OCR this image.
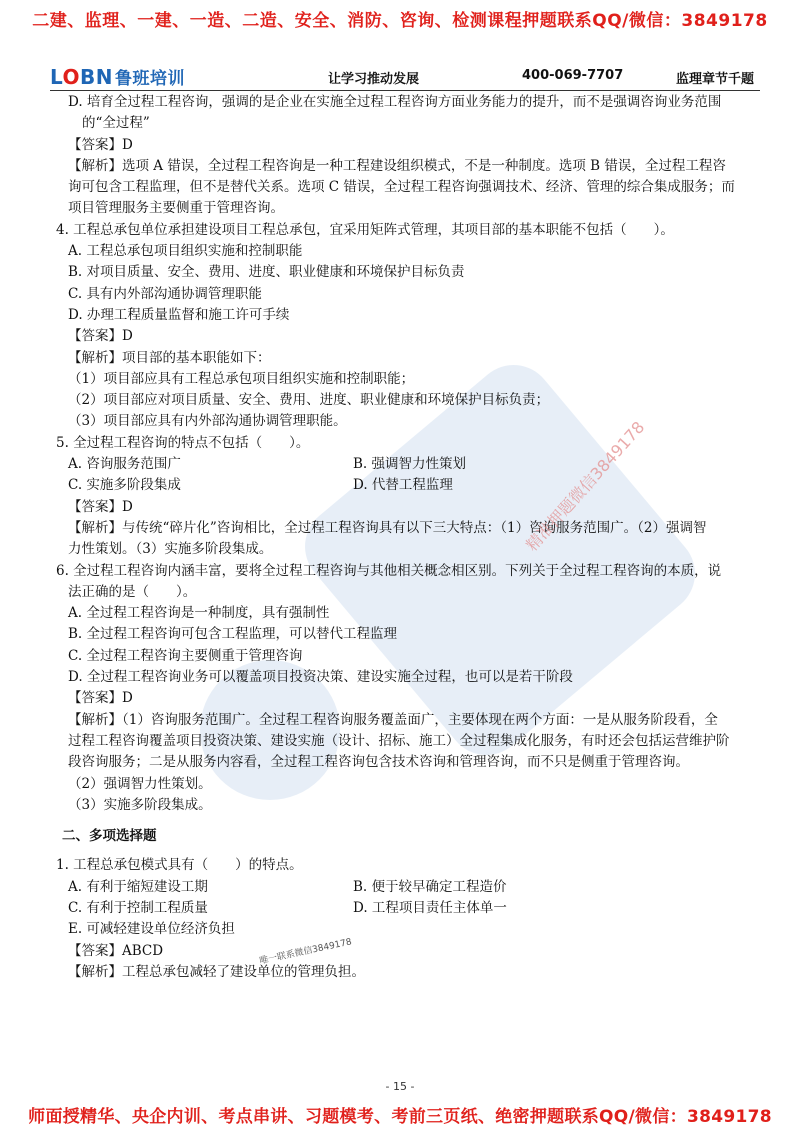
二建、监理、一建、一造、二造、安全、消防、咨询、检测课程押题联系QQ/微信：3849178
LOBN 鲁班培训	让学习推动发展	400-069-7707	监理章节千题
D. 培育全过程工程咨询，强调的是企业在实施全过程工程咨询方面业务能力的提升，而不是强调咨询业务范围
的“全过程”
【答案】D
【解析】选项 A 错误，全过程工程咨询是一种工程建设组织模式，不是一种制度。选项 B 错误，全过程工程咨
询可包含工程监理，但不是替代关系。选项 C 错误，全过程工程咨询强调技术、经济、管理的综合集成服务；而
项目管理服务主要侧重于管理咨询。
4. 工程总承包单位承担建设项目工程总承包，宜采用矩阵式管理，其项目部的基本职能不包括（　　）。
A. 工程总承包项目组织实施和控制职能
B. 对项目质量、安全、费用、进度、职业健康和环境保护目标负责
C. 具有内外部沟通协调管理职能
D. 办理工程质量监督和施工许可手续
【答案】D
【解析】项目部的基本职能如下：
（1）项目部应具有工程总承包项目组织实施和控制职能；
（2）项目部应对项目质量、安全、费用、进度、职业健康和环境保护目标负责；
（3）项目部应具有内外部沟通协调管理职能。
5. 全过程工程咨询的特点不包括（　　）。
A. 咨询服务范围广	B. 强调智力性策划
C. 实施多阶段集成	D. 代替工程监理
【答案】D
【解析】与传统“碎片化”咨询相比，全过程工程咨询具有以下三大特点：（1）咨询服务范围广。（2）强调智
力性策划。（3）实施多阶段集成。
6. 全过程工程咨询内涵丰富，要将全过程工程咨询与其他相关概念相区别。下列关于全过程工程咨询的本质，说
法正确的是（　　）。
A. 全过程工程咨询是一种制度，具有强制性
B. 全过程工程咨询可包含工程监理，可以替代工程监理
C. 全过程工程咨询主要侧重于管理咨询
D. 全过程工程咨询业务可以覆盖项目投资决策、建设实施全过程，也可以是若干阶段
【答案】D
【解析】（1）咨询服务范围广。全过程工程咨询服务覆盖面广，主要体现在两个方面：一是从服务阶段看，全
过程工程咨询覆盖项目投资决策、建设实施（设计、招标、施工）全过程集成化服务，有时还会包括运营维护阶
段咨询服务；二是从服务内容看，全过程工程咨询包含技术咨询和管理咨询，而不只是侧重于管理咨询。
（2）强调智力性策划。
（3）实施多阶段集成。
二、多项选择题
1. 工程总承包模式具有（　　）的特点。
A. 有利于缩短建设工期	B. 便于较早确定工程造价
C. 有利于控制工程质量	D. 工程项目责任主体单一
E. 可减轻建设单位经济负担
【答案】ABCD
【解析】工程总承包减轻了建设单位的管理负担。
精准押题微信3849178
唯一联系微信3849178
- 15 -
师面授精华、央企内训、考点串讲、习题模考、考前三页纸、绝密押题联系QQ/微信：3849178
